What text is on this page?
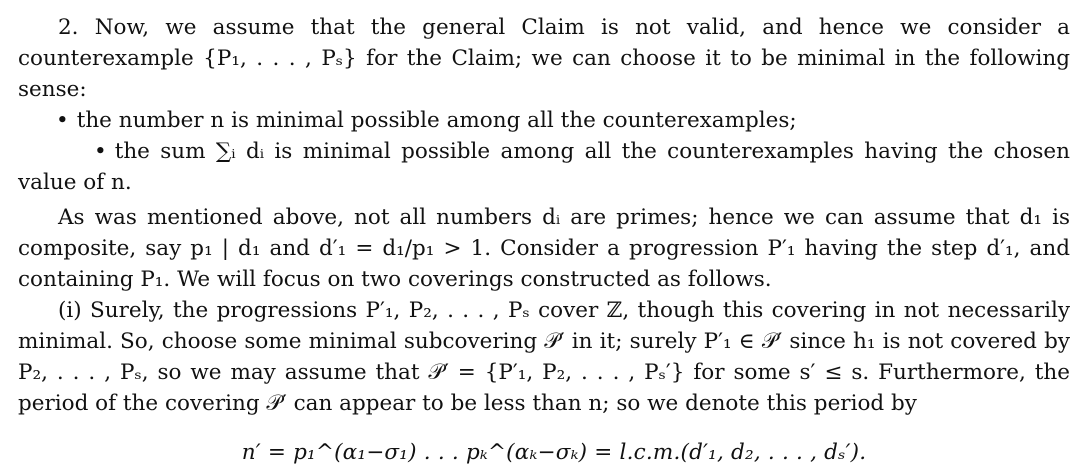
2. Now, we assume that the general Claim is not valid, and hence we consider a counterexample {P₁, . . . , Pₛ} for the Claim; we can choose it to be minimal in the following sense:

• the number n is minimal possible among all the counterexamples;

• the sum ∑ᵢ dᵢ is minimal possible among all the counterexamples having the chosen value of n.

As was mentioned above, not all numbers dᵢ are primes; hence we can assume that d₁ is composite, say p₁ | d₁ and d′₁ = d₁/p₁ > 1. Consider a progression P′₁ having the step d′₁, and containing P₁. We will focus on two coverings constructed as follows.

(i) Surely, the progressions P′₁, P₂, . . . , Pₛ cover ℤ, though this covering in not necessarily minimal. So, choose some minimal subcovering 𝒫′ in it; surely P′₁ ∈ 𝒫′ since h₁ is not covered by P₂, . . . , Pₛ, so we may assume that 𝒫′ = {P′₁, P₂, . . . , Pₛ′} for some s′ ≤ s. Furthermore, the period of the covering 𝒫′ can appear to be less than n; so we denote this period by

n′ = p₁^(α₁−σ₁) . . . pₖ^(αₖ−σₖ) = l.c.m.(d′₁, d₂, . . . , dₛ′).
